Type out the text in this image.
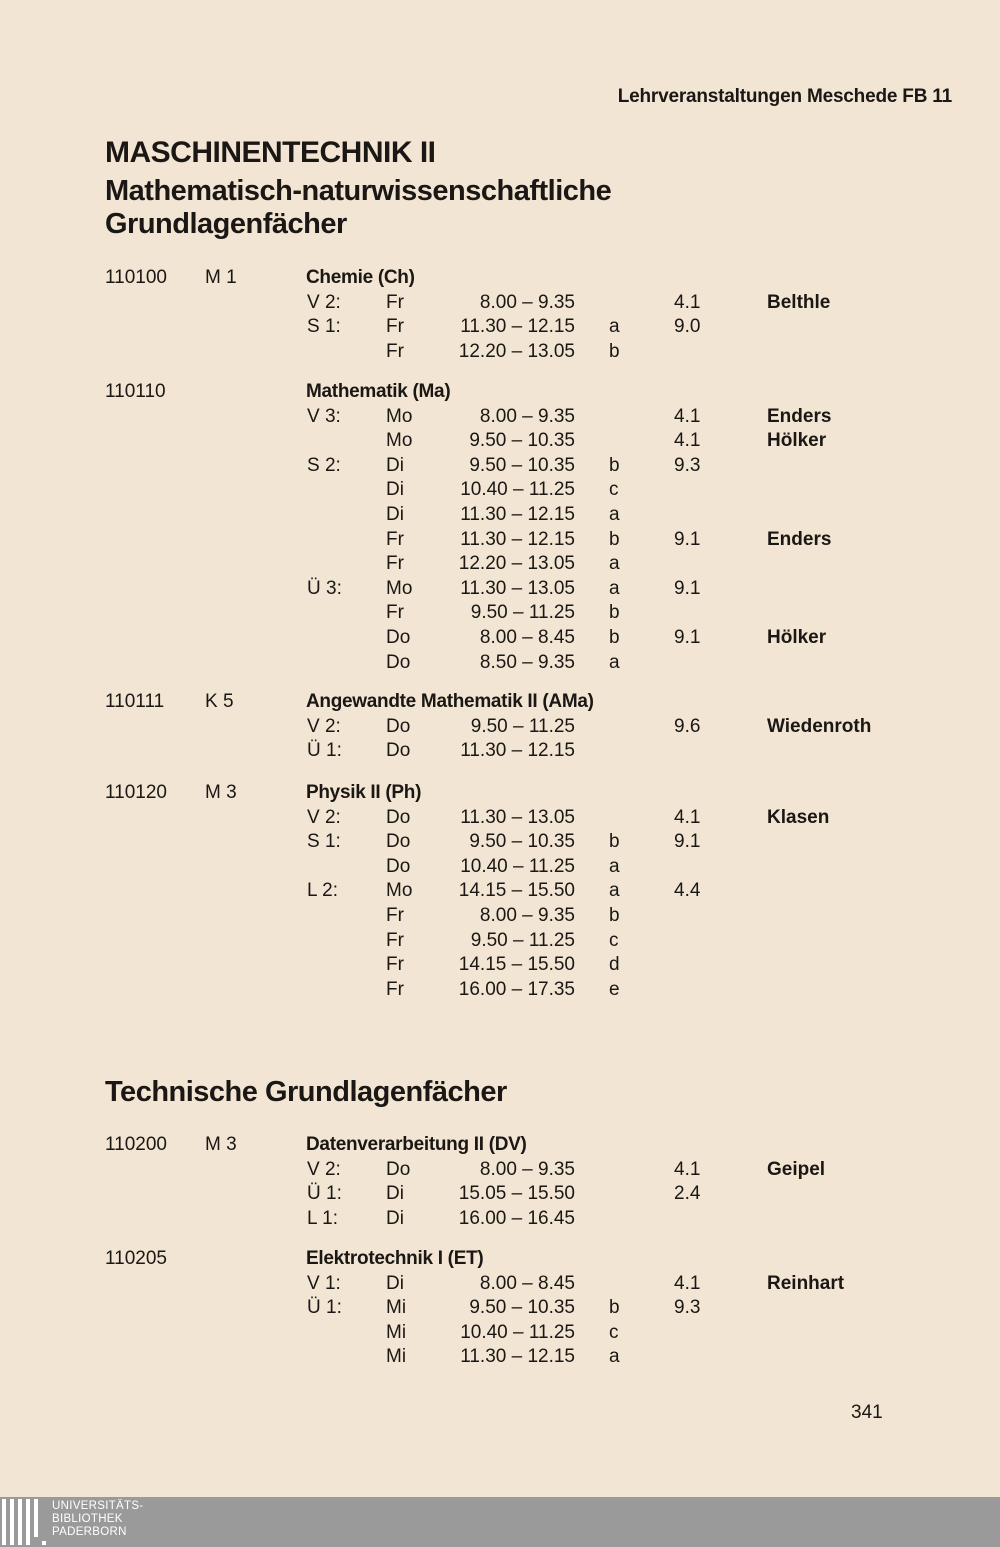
Lehrveranstaltungen Meschede FB 11
MASCHINENTECHNIK II
Mathematisch-naturwissenschaftliche
Grundlagenfächer
110100 M 1	Chemie (Ch)
V 2: Fr	8.00 – 9.35	4.1	Belthle
S 1: Fr	11.30 – 12.15 a	9.0
Fr	12.20 – 13.05 b
110110	Mathematik (Ma)
V 3: Mo	8.00 – 9.35	4.1	Enders
Mo	9.50 – 10.35	4.1	Hölker
S 2: Di	9.50 – 10.35 b	9.3
Di	10.40 – 11.25 c
Di	11.30 – 12.15 a
Fr	11.30 – 12.15 b	9.1	Enders
Fr	12.20 – 13.05 a
Ü 3: Mo	11.30 – 13.05 a	9.1
Fr	9.50 – 11.25 b
Do	8.00 – 8.45 b	9.1	Hölker
Do	8.50 – 9.35 a
110111 K 5	Angewandte Mathematik II (AMa)
V 2: Do	9.50 – 11.25	9.6	Wiedenroth
Ü 1: Do	11.30 – 12.15
110120 M 3	Physik II (Ph)
V 2: Do	11.30 – 13.05	4.1	Klasen
S 1: Do	9.50 – 10.35 b	9.1
Do	10.40 – 11.25 a
L 2:	Mo	14.15 – 15.50 a	4.4
Fr	8.00 – 9.35 b
Fr	9.50 – 11.25 c
Fr	14.15 – 15.50 d
Fr	16.00 – 17.35 e
Technische Grundlagenfächer
110200 M 3	Datenverarbeitung II (DV)
V 2: Do	8.00 – 9.35	4.1	Geipel
Ü 1: Di	15.05 – 15.50	2.4
L 1:	Di	16.00 – 16.45
110205	Elektrotechnik I (ET)
V 1: Di	8.00 – 8.45	4.1	Reinhart
Ü 1: Mi	9.50 – 10.35 b	9.3
Mi	10.40 – 11.25 c
Mi	11.30 – 12.15 a
341
UNIVERSITÄTS-
BIBLIOTHEK
PADERBORN
